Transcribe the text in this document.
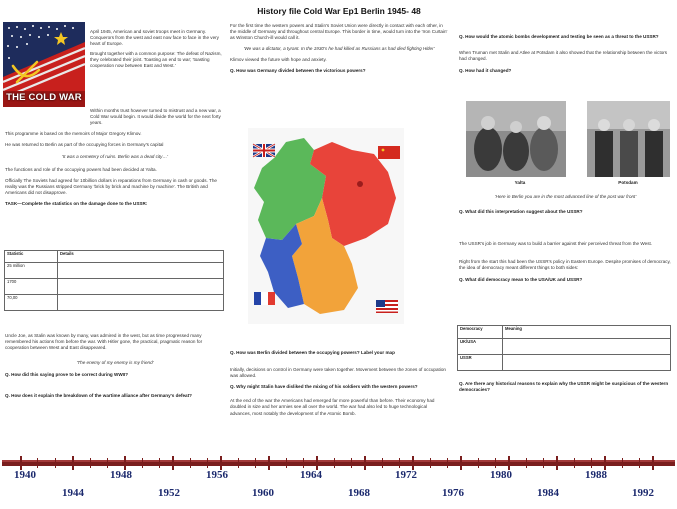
History file Cold War Ep1 Berlin 1945- 48
THE COLD WAR

April 1945, American and soviet troops meet in Germany. Conquerors from the west and east now face to face in the very heart of Europe.

Brought together with a common purpose: The defeat of Nazism, they celebrated their joint. Toasting an end to war; 'toasting cooperation now between East and West.'

Within months trust however turned to mistrust and a new war, a Cold War would begin. It would divide the world for the next forty years.

This programme is based on the memoirs of Major Gregory Klimov.

He was returned to Berlin as part of the occupying forces in Germany's capital

'It was a cemetery of ruins. Berlin was a dead city…'

The functions and role of the occupying powers had been decided at Yalta.

Officially The Soviets had agreed for 10billion dollars in reparations from Germany in cash or goods. The reality was the Russians stripped Germany 'brick by brick and machine by machine'. The British and Americans did not disapprove.

TASK—Complete the statistics on the damage done to the USSR:

Statistic	Details
25 million	
1700	
70,00	

Uncle Joe, as Stalin was known by many, was admired in the west, but as time progressed many remembered his actions from before the war. With Hitler gone, the practical, pragmatic reason for cooperation between West and East disappeared.

'The enemy of my enemy is my friend'

Q. How did this saying prove to be correct during WWII?

Q. How does it explain the breakdown of the wartime alliance after Germany's defeat?

For the first time the western powers and Stalin's Soviet Union were directly in contact with each other, in the middle of Germany and throughout central Europe. This border in time, would turn into the 'Iron Curtain' as Winston Church-ill would call it.

'We was a dictator, a tyrant. In the 1930's he had killed as Russians as had died fighting Hitler'

Klimov viewed the future with hope and anxiety.

Q. How was Germany divided between the victorious powers?

Q. How was Berlin divided between the occupying powers? Label your map

Initially, decisions on control in Germany were taken together. Movement between the zones of occupation was allowed.

Q. Why might Stalin have disliked the mixing of his soldiers with the western powers?

At the end of the war the Americans had emerged far more powerful than before. Their economy had doubled in size and her armies see all over the world. The war had also led to huge technological advances, most notably the development of the Atomic Bomb.

Q. How would the atomic bombs development and testing be seen as a threat to the USSR?

When Truman met Stalin and Atlee at Potsdam it also showed that the relationship between the victors had changed.

Q. How had it changed?

Yalta	Potsdam

'Here in Berlin you are in the most advanced line of the post war front'

Q. What did this interpretation suggest about the USSR?

The USSR's job in Germany was to build a barrier against their perceived threat from the West.

Right from the start this had been the USSR's policy in Eastern Europe. Despite promises of democracy, the idea of democracy meant different things to both sides:

Q. What did democracy mean to the USA/UK and USSR?

Democracy	Meaning
UK/USA	
USSR	

Q. Are there any historical reasons to explain why the USSR might be suspicious of the western democracies?

1940	1948	1956	1964	1972	1980	1988
1944	1952	1960	1968	1976	1984	1992
